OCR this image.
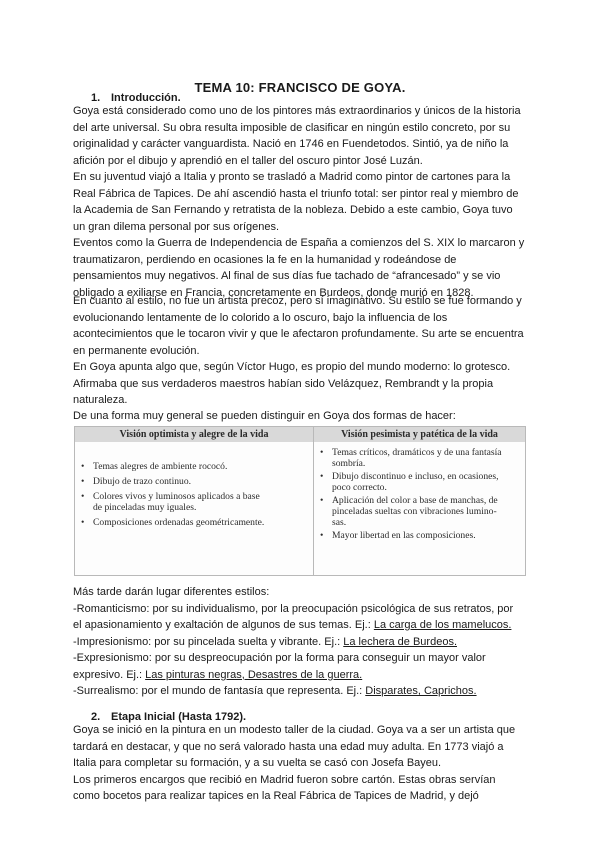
TEMA 10: FRANCISCO DE GOYA.
1. Introducción.

Goya está considerado como uno de los pintores más extraordinarios y únicos de la historia

del arte universal. Su obra resulta imposible de clasificar en ningún estilo concreto, por su

originalidad y carácter vanguardista. Nació en 1746 en Fuendetodos. Sintió, ya de niño la

afición por el dibujo y aprendió en el taller del oscuro pintor José Luzán.

En su juventud viajó a Italia y pronto se trasladó a Madrid como pintor de cartones para la

Real Fábrica de Tapices. De ahí ascendió hasta el triunfo total: ser pintor real y miembro de

la Academia de San Fernando y retratista de la nobleza. Debido a este cambio, Goya tuvo

un gran dilema personal por sus orígenes.

Eventos como la Guerra de Independencia de España a comienzos del S. XIX lo marcaron y

traumatizaron, perdiendo en ocasiones la fe en la humanidad y rodeándose de

pensamientos muy negativos. Al final de sus días fue tachado de “afrancesado” y se vio

obligado a exiliarse en Francia, concretamente en Burdeos, donde murió en 1828.

En cuanto al estilo, no fue un artista precoz, pero sí imaginativo. Su estilo se fue formando y

evolucionando lentamente de lo colorido a lo oscuro, bajo la influencia de los

acontecimientos que le tocaron vivir y que le afectaron profundamente. Su arte se encuentra

en permanente evolución.

En Goya apunta algo que, según Víctor Hugo, es propio del mundo moderno: lo grotesco.

Afirmaba que sus verdaderos maestros habían sido Velázquez, Rembrandt y la propia

naturaleza.

De una forma muy general se pueden distinguir en Goya dos formas de hacer:

Visión optimista y alegre de la vida	Visión pesimista y patética de la vida
• Temas alegres de ambiente rococó.
• Dibujo de trazo continuo.
• Colores vivos y luminosos aplicados a base
de pinceladas muy iguales.
• Composiciones ordenadas geométricamente.
• Temas críticos, dramáticos y de una fantasía
sombría.
• Dibujo discontinuo e incluso, en ocasiones,
poco correcto.
• Aplicación del color a base de manchas, de
pinceladas sueltas con vibraciones lumino-
sas.
• Mayor libertad en las composiciones.

Más tarde darán lugar diferentes estilos:

-Romanticismo: por su individualismo, por la preocupación psicológica de sus retratos, por

el apasionamiento y exaltación de algunos de sus temas. Ej.: La carga de los mamelucos.

-Impresionismo: por su pincelada suelta y vibrante. Ej.: La lechera de Burdeos.

-Expresionismo: por su despreocupación por la forma para conseguir un mayor valor

expresivo. Ej.: Las pinturas negras, Desastres de la guerra.

-Surrealismo: por el mundo de fantasía que representa. Ej.: Disparates, Caprichos.

2. Etapa Inicial (Hasta 1792).

Goya se inició en la pintura en un modesto taller de la ciudad. Goya va a ser un artista que

tardará en destacar, y que no será valorado hasta una edad muy adulta. En 1773 viajó a

Italia para completar su formación, y a su vuelta se casó con Josefa Bayeu.

Los primeros encargos que recibió en Madrid fueron sobre cartón. Estas obras servían

como bocetos para realizar tapices en la Real Fábrica de Tapices de Madrid, y dejó
